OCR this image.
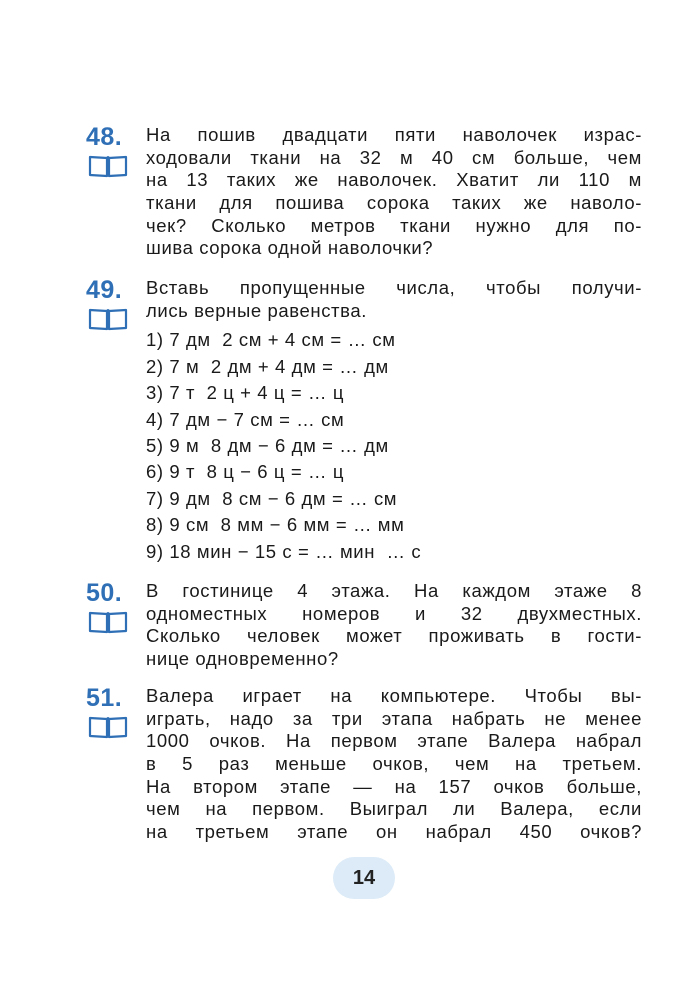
48.	На пошив двадцати пяти наволочек израс-
ходовали ткани на 32 м 40 см больше, чем
на 13 таких же наволочек. Хватит ли 110 м
ткани для пошива сорока таких же наволо-
чек? Сколько метров ткани нужно для по-
шива сорока одной наволочки?
49.	Вставь пропущенные числа, чтобы получи-
лись верные равенства.
1) 7 дм  2 см + 4 см = … см
2) 7 м  2 дм + 4 дм = … дм
3) 7 т  2 ц + 4 ц = … ц
4) 7 дм − 7 см = … см
5) 9 м  8 дм − 6 дм = … дм
6) 9 т  8 ц − 6 ц = … ц
7) 9 дм  8 см − 6 дм = … см
8) 9 см  8 мм − 6 мм = … мм
9) 18 мин − 15 с = … мин  … с
50.	В гостинице 4 этажа. На каждом этаже 8
одноместных номеров и 32 двухместных.
Сколько человек может проживать в гости-
нице одновременно?
51.	Валера играет на компьютере. Чтобы вы-
играть, надо за три этапа набрать не менее
1000 очков. На первом этапе Валера набрал
в 5 раз меньше очков, чем на третьем.
На втором этапе — на 157 очков больше,
чем на первом. Выиграл ли Валера, если
на третьем этапе он набрал 450 очков?
14
